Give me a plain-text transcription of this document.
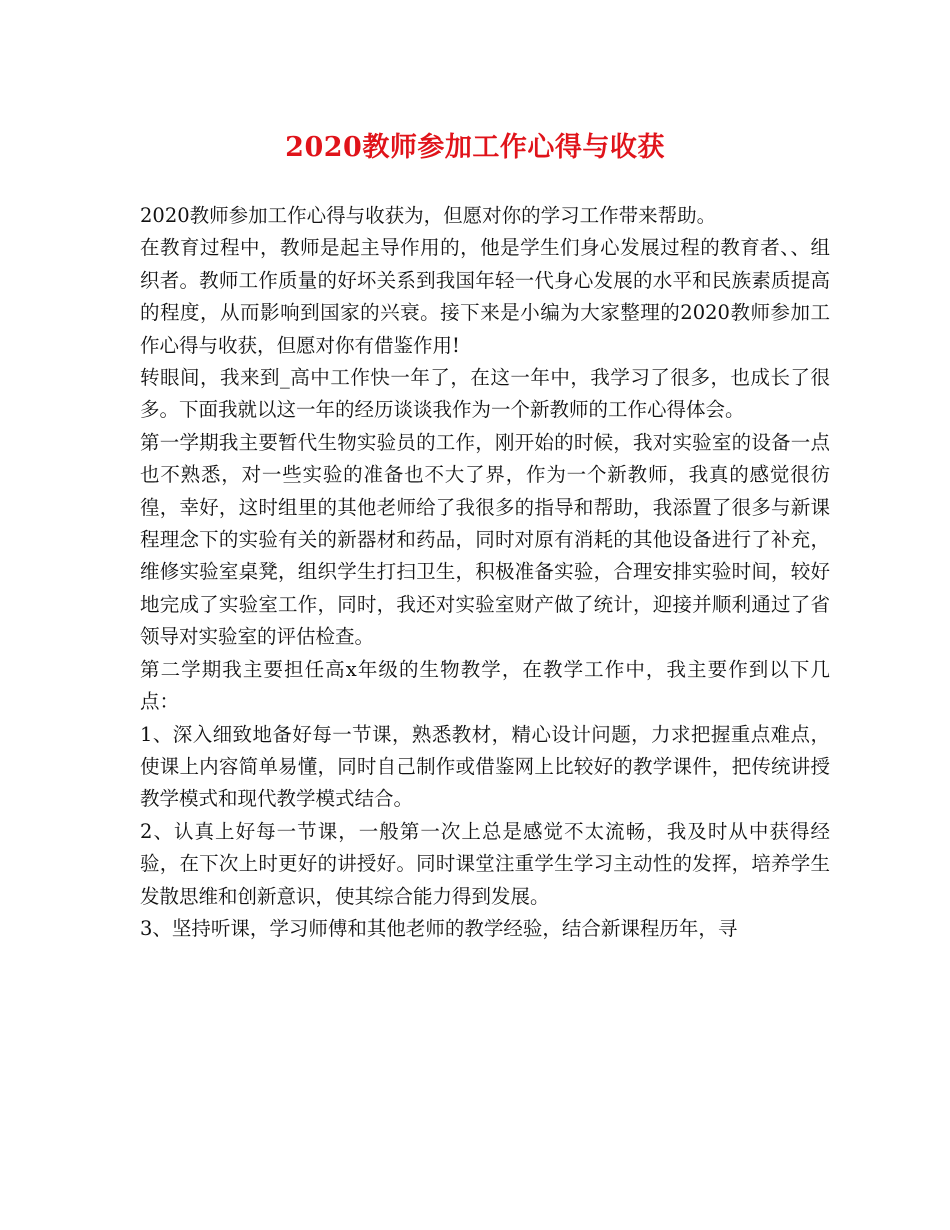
2020教师参加工作心得与收获

2020教师参加工作心得与收获为，但愿对你的学习工作带来帮助。

在教育过程中，教师是起主导作用的，他是学生们身心发展过程的教育者、、组织者。教师工作质量的好坏关系到我国年轻一代身心发展的水平和民族素质提高的程度，从而影响到国家的兴衰。接下来是小编为大家整理的2020教师参加工作心得与收获，但愿对你有借鉴作用!

转眼间，我来到_高中工作快一年了，在这一年中，我学习了很多，也成长了很多。下面我就以这一年的经历谈谈我作为一个新教师的工作心得体会。

第一学期我主要暂代生物实验员的工作，刚开始的时候，我对实验室的设备一点也不熟悉，对一些实验的准备也不大了界，作为一个新教师，我真的感觉很彷徨，幸好，这时组里的其他老师给了我很多的指导和帮助，我添置了很多与新课程理念下的实验有关的新器材和药品，同时对原有消耗的其他设备进行了补充，维修实验室桌凳，组织学生打扫卫生，积极准备实验，合理安排实验时间，较好地完成了实验室工作，同时，我还对实验室财产做了统计，迎接并顺利通过了省领导对实验室的评估检查。

第二学期我主要担任高x年级的生物教学，在教学工作中，我主要作到以下几点：

1、深入细致地备好每一节课，熟悉教材，精心设计问题，力求把握重点难点，使课上内容简单易懂，同时自己制作或借鉴网上比较好的教学课件，把传统讲授教学模式和现代教学模式结合。

2、认真上好每一节课，一般第一次上总是感觉不太流畅，我及时从中获得经验，在下次上时更好的讲授好。同时课堂注重学生学习主动性的发挥，培养学生发散思维和创新意识，使其综合能力得到发展。

3、坚持听课，学习师傅和其他老师的教学经验，结合新课程历年，寻
